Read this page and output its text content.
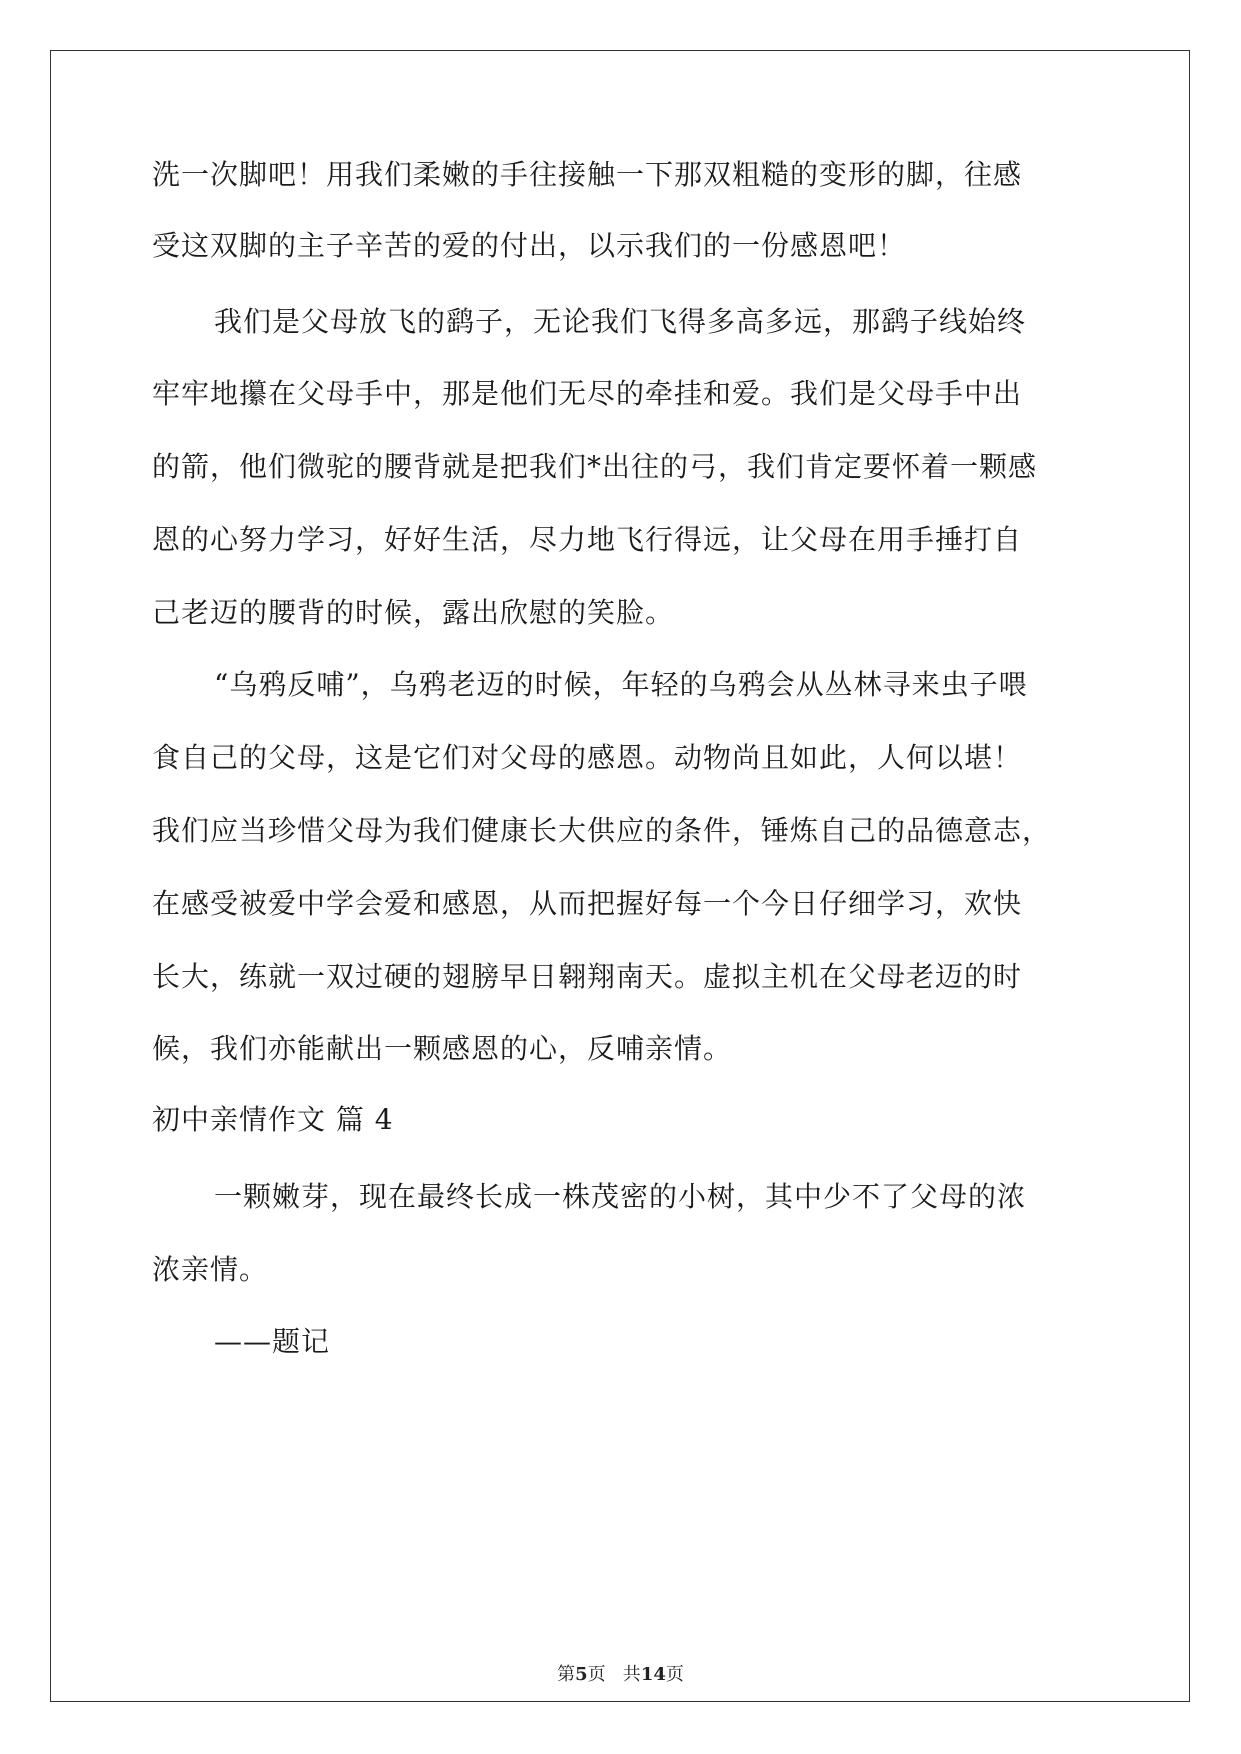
洗一次脚吧！用我们柔嫩的手往接触一下那双粗糙的变形的脚，往感
受这双脚的主子辛苦的爱的付出，以示我们的一份感恩吧！
我们是父母放飞的鹞子，无论我们飞得多高多远，那鹞子线始终
牢牢地攥在父母手中，那是他们无尽的牵挂和爱。我们是父母手中出
的箭，他们微驼的腰背就是把我们*出往的弓，我们肯定要怀着一颗感
恩的心努力学习，好好生活，尽力地飞行得远，让父母在用手捶打自
己老迈的腰背的时候，露出欣慰的笑脸。
“乌鸦反哺”，乌鸦老迈的时候，年轻的乌鸦会从丛林寻来虫子喂
食自己的父母，这是它们对父母的感恩。动物尚且如此，人何以堪！
我们应当珍惜父母为我们健康长大供应的条件，锤炼自己的品德意志，
在感受被爱中学会爱和感恩，从而把握好每一个今日仔细学习，欢快
长大，练就一双过硬的翅膀早日翱翔南天。虚拟主机在父母老迈的时
候，我们亦能献出一颗感恩的心，反哺亲情。
初中亲情作文 篇 4
一颗嫩芽，现在最终长成一株茂密的小树，其中少不了父母的浓
浓亲情。
——题记
第5页   共14页
